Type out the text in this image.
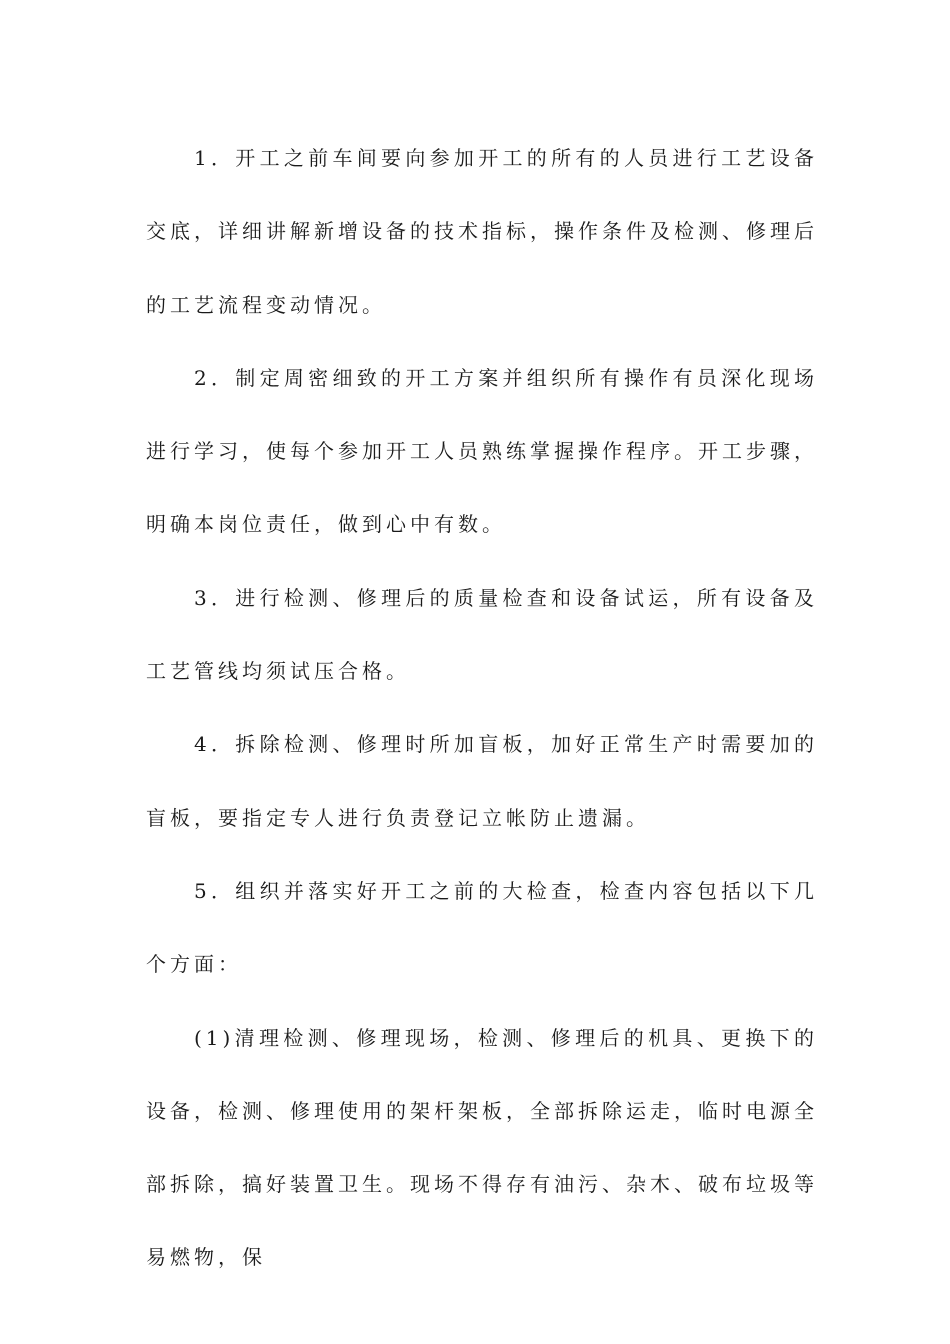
1．开工之前车间要向参加开工的所有的人员进行工艺设备交底，详细讲解新增设备的技术指标，操作条件及检测、修理后的工艺流程变动情况。

2．制定周密细致的开工方案并组织所有操作有员深化现场进行学习，使每个参加开工人员熟练掌握操作程序。开工步骤，明确本岗位责任，做到心中有数。

3．进行检测、修理后的质量检查和设备试运，所有设备及工艺管线均须试压合格。

4．拆除检测、修理时所加盲板，加好正常生产时需要加的盲板，要指定专人进行负责登记立帐防止遗漏。

5．组织并落实好开工之前的大检查，检查内容包括以下几个方面：

(1)清理检测、修理现场，检测、修理后的机具、更换下的设备，检测、修理使用的架杆架板，全部拆除运走，临时电源全部拆除，搞好装置卫生。现场不得存有油污、杂木、破布垃圾等易燃物，保
